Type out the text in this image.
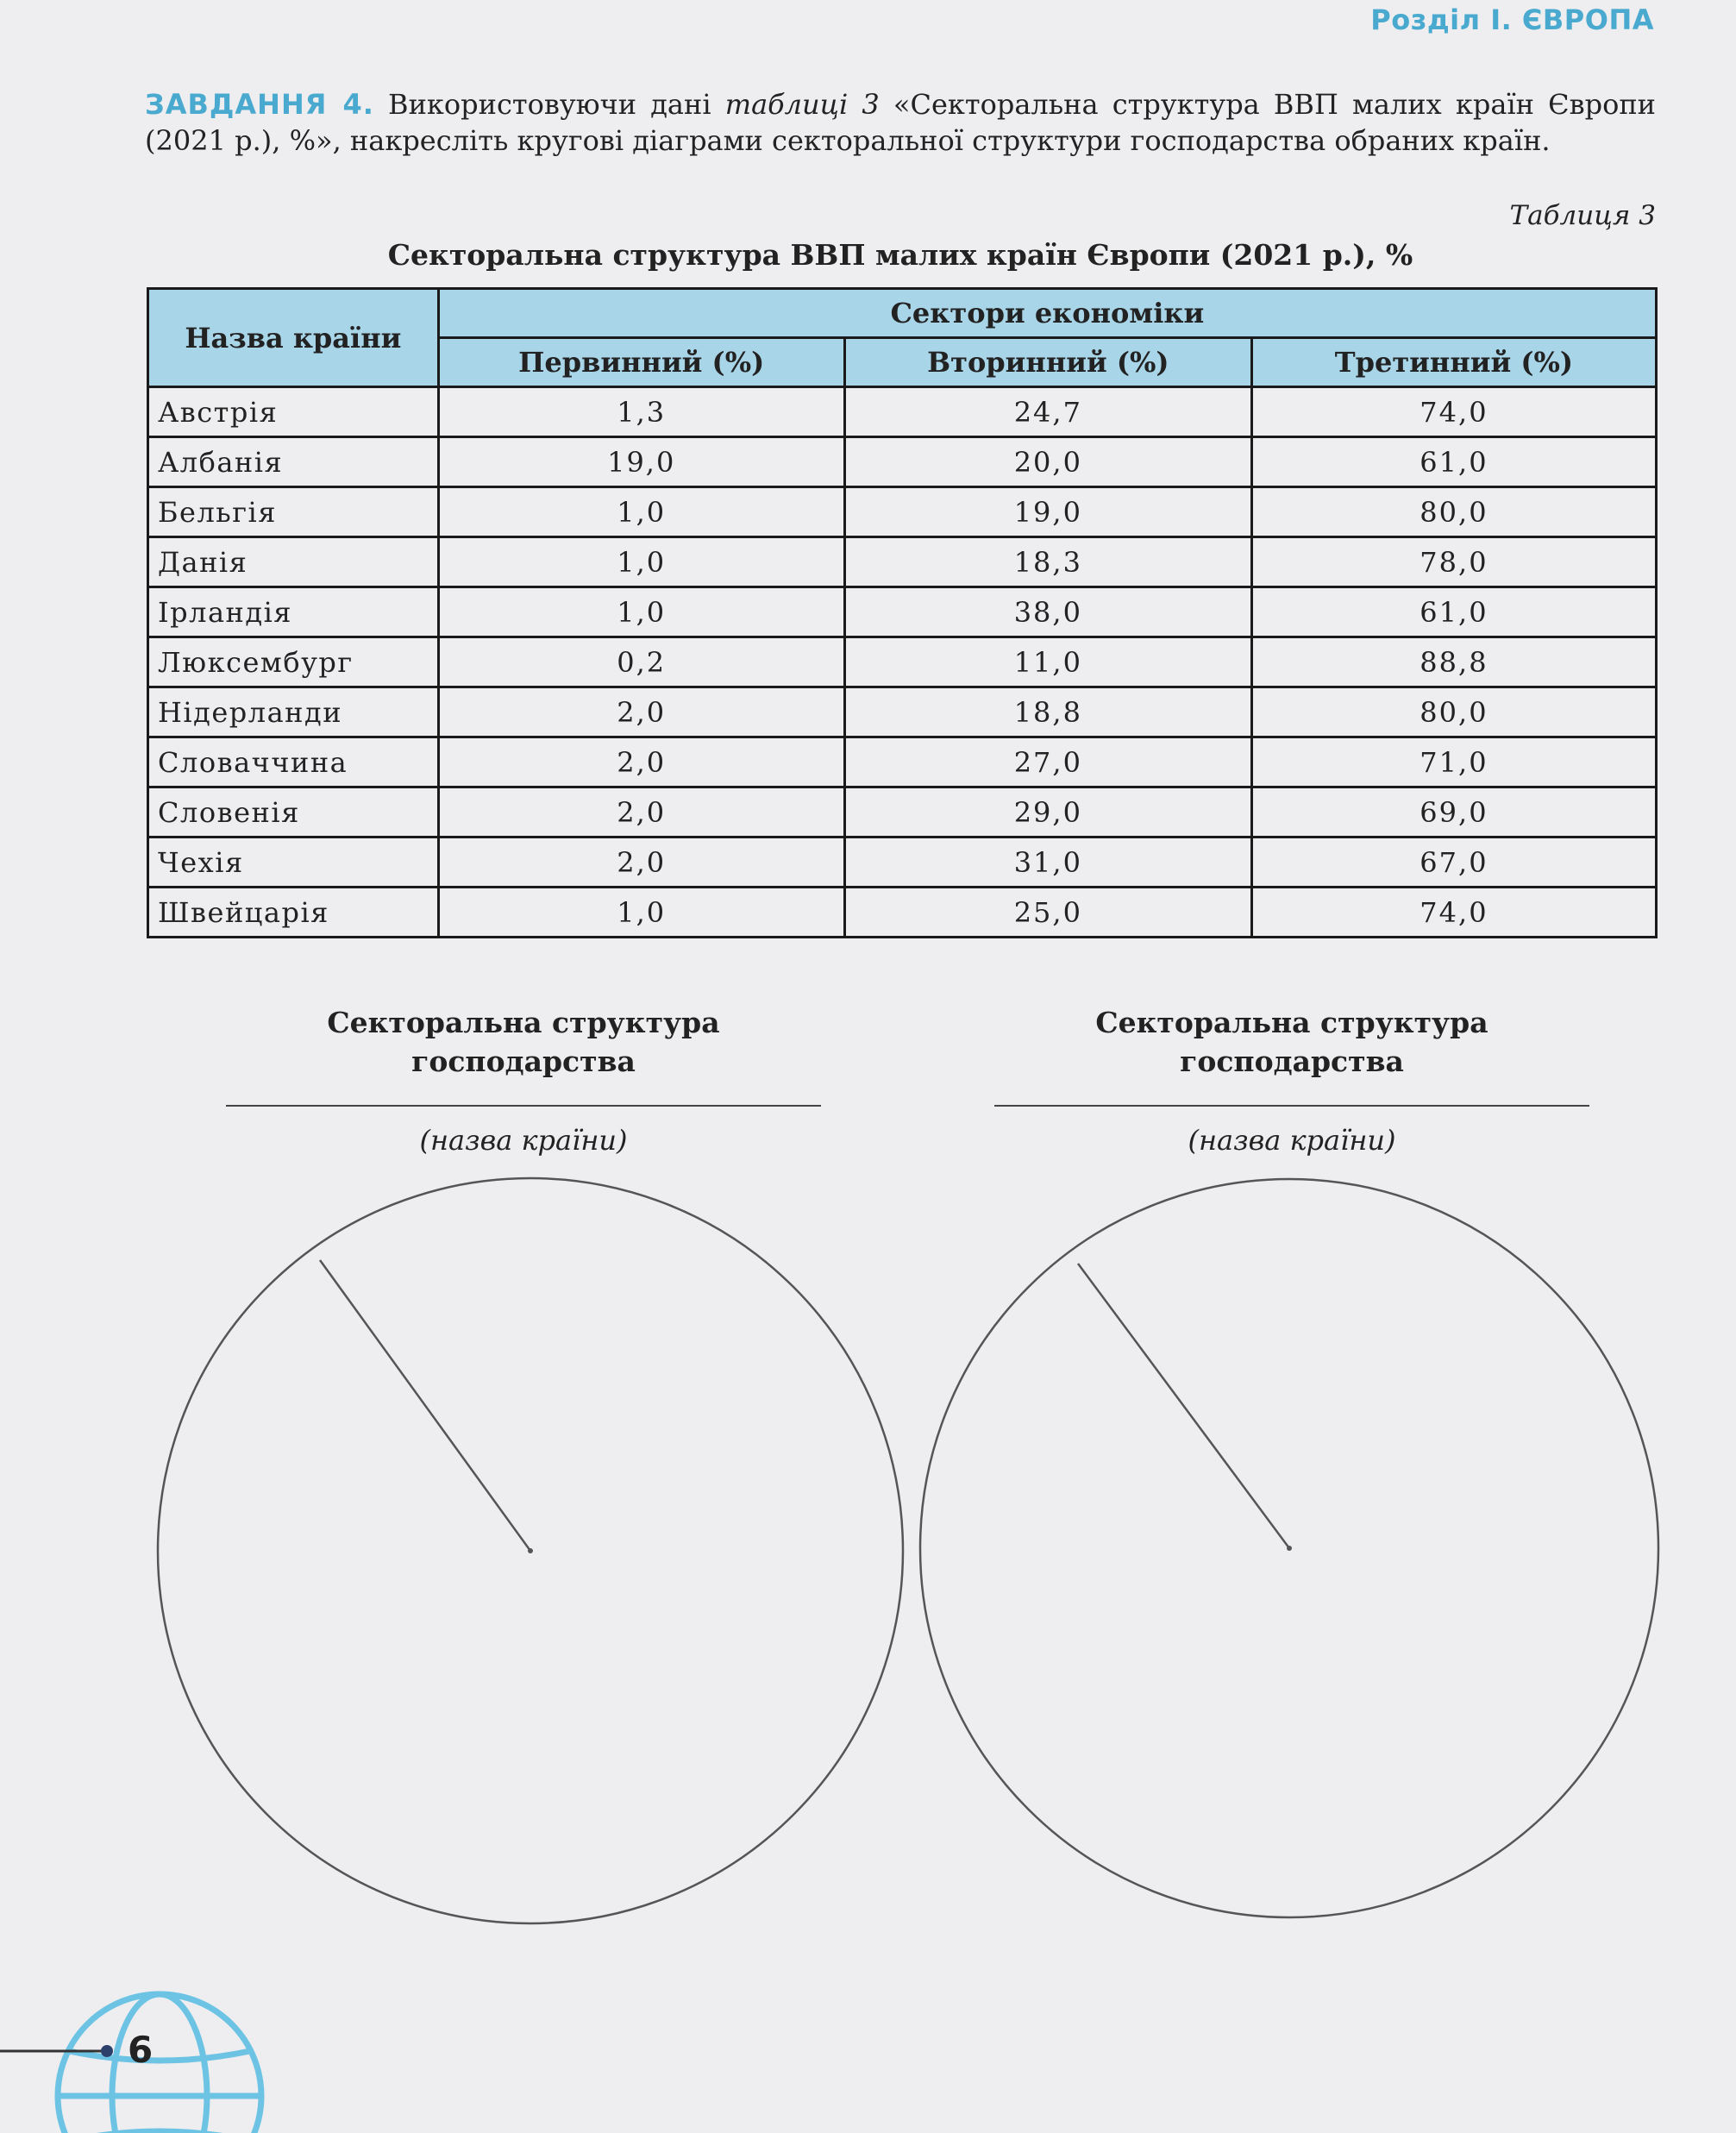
Розділ І. ЄВРОПА
ЗАВДАННЯ 4. Використовуючи дані таблиці 3 «Секторальна структура ВВП малих країн Європи (2021 р.), %», накресліть кругові діаграми секторальної структури господарства обраних країн.
Таблиця 3
Секторальна структура ВВП малих країн Європи (2021 р.), %
Назва країни	Сектори економіки		
	Первинний (%)	Вторинний (%)	Третинний (%)
Австрія	1,3	24,7	74,0
Албанія	19,0	20,0	61,0
Бельгія	1,0	19,0	80,0
Данія	1,0	18,3	78,0
Ірландія	1,0	38,0	61,0
Люксембург	0,2	11,0	88,8
Нідерланди	2,0	18,8	80,0
Словаччина	2,0	27,0	71,0
Словенія	2,0	29,0	69,0
Чехія	2,0	31,0	67,0
Швейцарія	1,0	25,0	74,0
Секторальна структура
господарства
(назва країни)
Секторальна структура
господарства
(назва країни)
6
